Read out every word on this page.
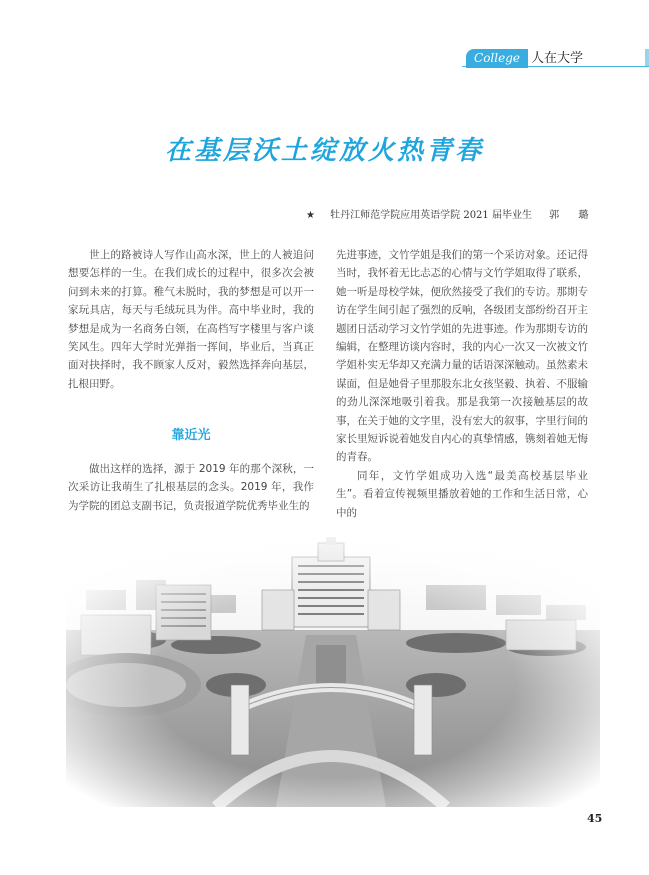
College 人在大学
在基层沃土绽放火热青春
★ 牡丹江师范学院应用英语学院 2021 届毕业生 郭 璐

世上的路被诗人写作山高水深，世上的人被追问想要怎样的一生。在我们成长的过程中，很多次会被问到未来的打算。稚气未脱时，我的梦想是可以开一家玩具店，每天与毛绒玩具为伴。高中毕业时，我的梦想是成为一名商务白领，在高档写字楼里与客户谈笑风生。四年大学时光弹指一挥间，毕业后，当真正面对抉择时，我不顾家人反对，毅然选择奔向基层，扎根田野。

靠近光

做出这样的选择，源于 2019 年的那个深秋，一次采访让我萌生了扎根基层的念头。2019 年，我作为学院的团总支副书记，负责报道学院优秀毕业生的

先进事迹，文竹学姐是我们的第一个采访对象。还记得当时，我怀着无比忐忑的心情与文竹学姐取得了联系，她一听是母校学妹，便欣然接受了我们的专访。那期专访在学生间引起了强烈的反响，各级团支部纷纷召开主题团日活动学习文竹学姐的先进事迹。作为那期专访的编辑，在整理访谈内容时，我的内心一次又一次被文竹学姐朴实无华却又充满力量的话语深深触动。虽然素未谋面，但是她骨子里那股东北女孩坚毅、执着、不服输的劲儿深深地吸引着我。那是我第一次接触基层的故事，在关于她的文字里，没有宏大的叙事，字里行间的家长里短诉说着她发自内心的真挚情感，镌刻着她无悔的青春。

同年，文竹学姐成功入选“最美高校基层毕业生”。看着宣传视频里播放着她的工作和生活日常，心中的

45
